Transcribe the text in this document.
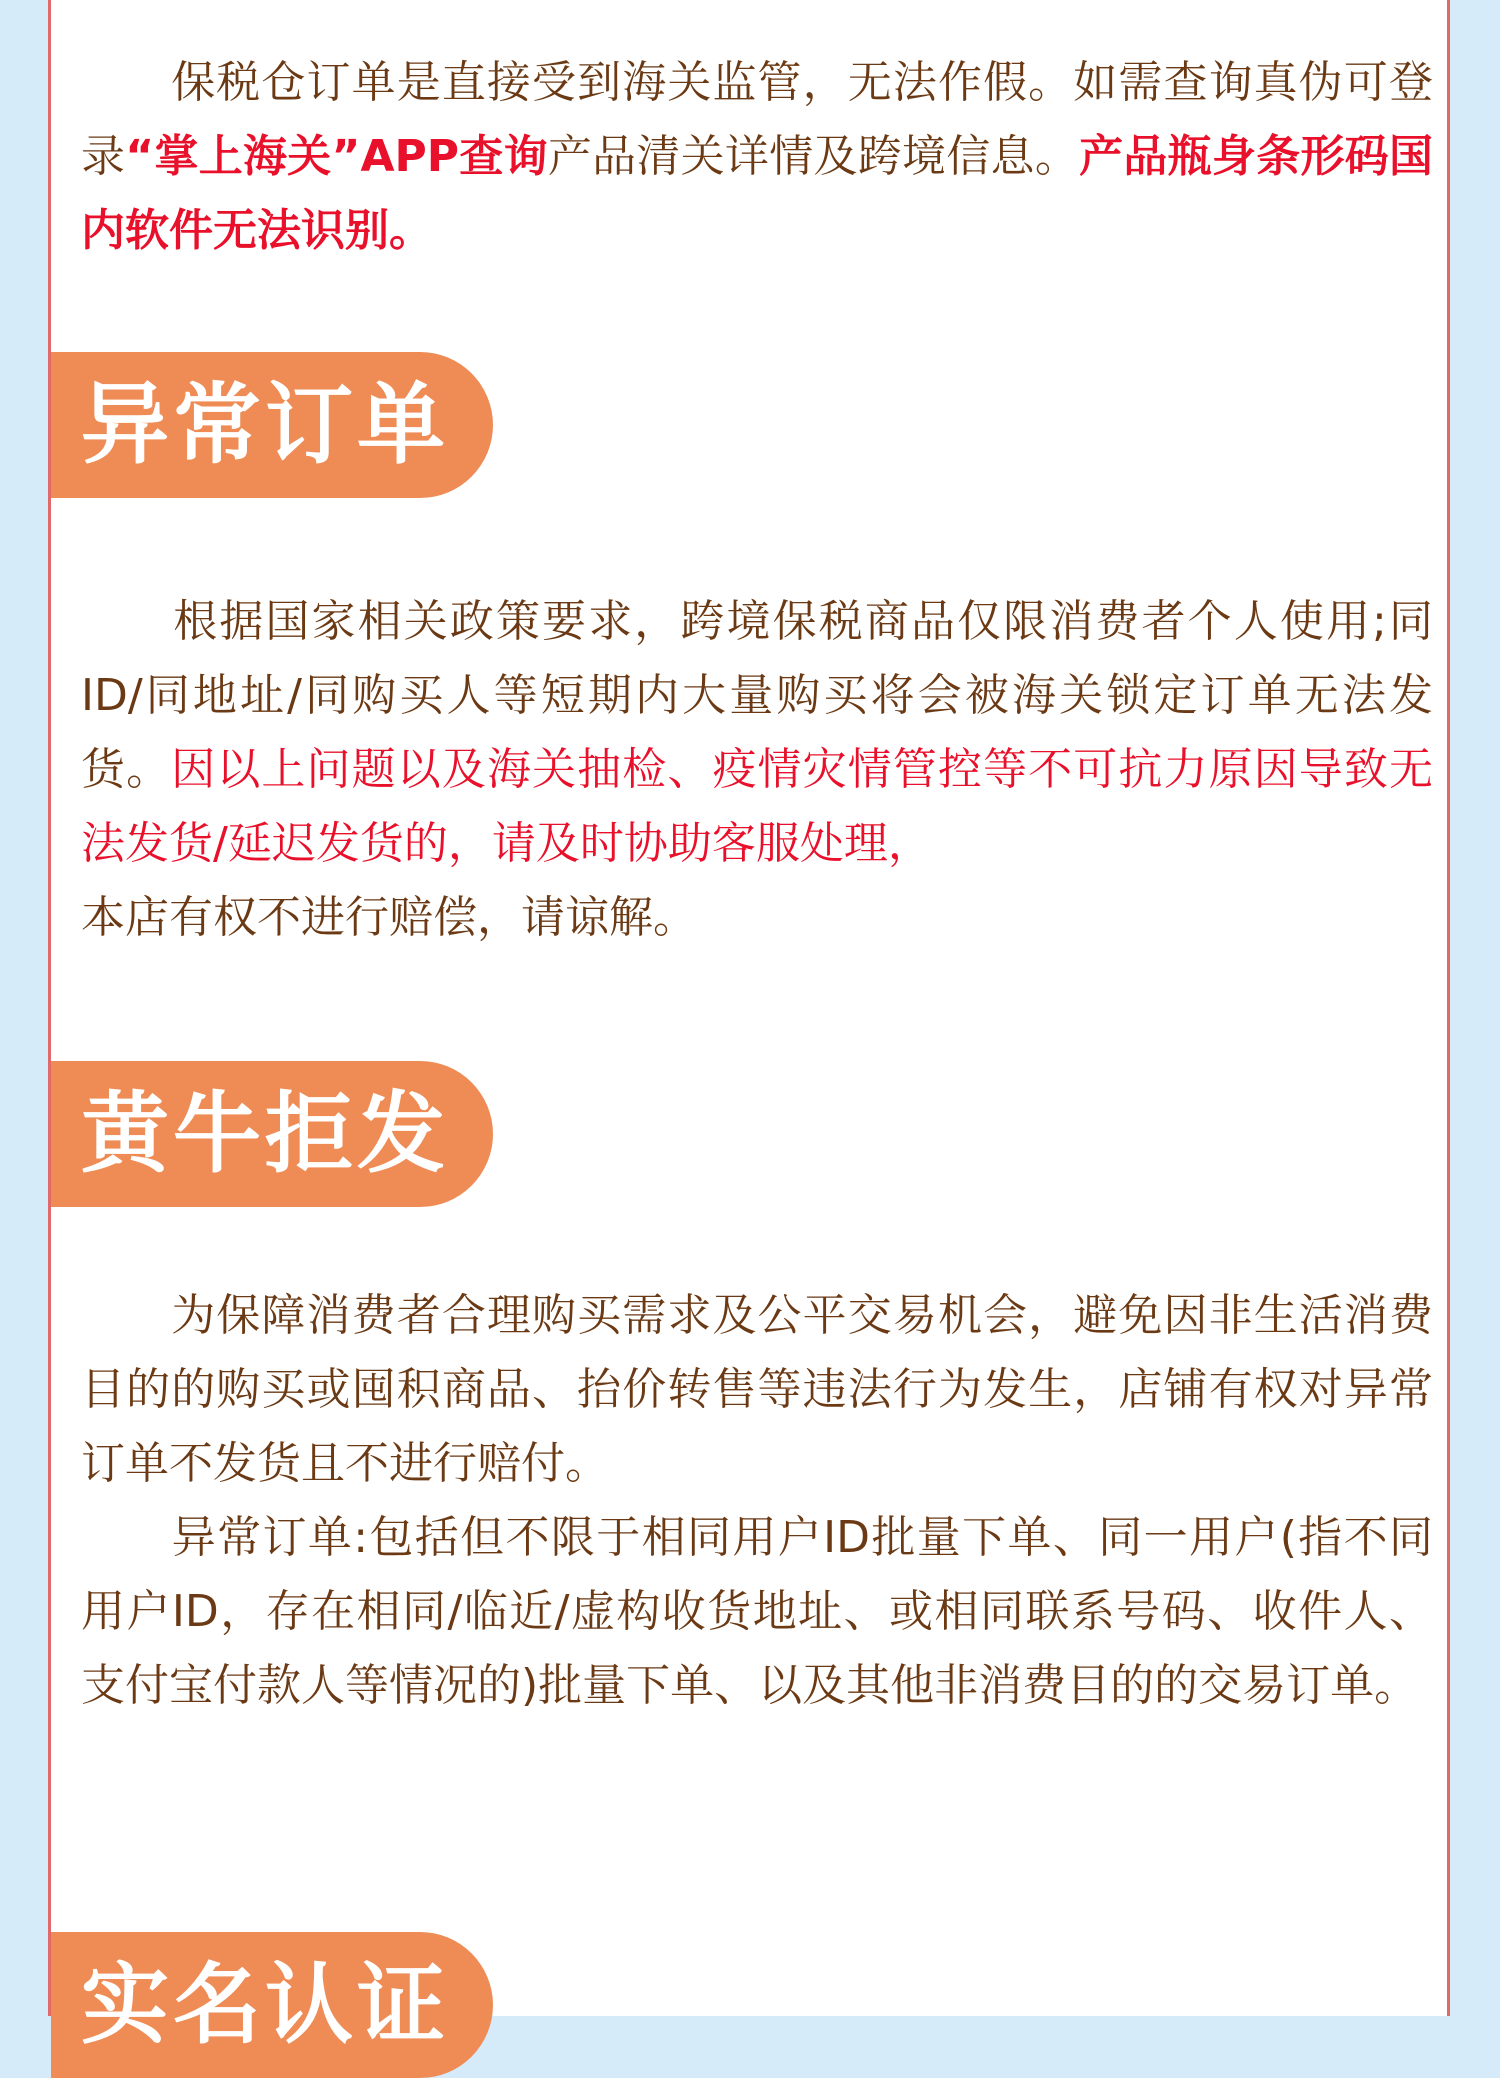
　　保税仓订单是直接受到海关监管，无法作假。如需查询真伪可登录“掌上海关”APP查询产品清关详情及跨境信息。产品瓶身条形码国内软件无法识别。

异常订单

　　根据国家相关政策要求，跨境保税商品仅限消费者个人使用;同ID/同地址/同购买人等短期内大量购买将会被海关锁定订单无法发货。因以上问题以及海关抽检、疫情灾情管控等不可抗力原因导致无法发货/延迟发货的，请及时协助客服处理，
本店有权不进行赔偿，请谅解。

黄牛拒发

　　为保障消费者合理购买需求及公平交易机会，避免因非生活消费目的的购买或囤积商品、抬价转售等违法行为发生，店铺有权对异常订单不发货且不进行赔付。

　　异常订单:包括但不限于相同用户ID批量下单、同一用户(指不同用户ID，存在相同/临近/虚构收货地址、或相同联系号码、收件人、支付宝付款人等情况的)批量下单、以及其他非消费目的的交易订单。

实名认证
